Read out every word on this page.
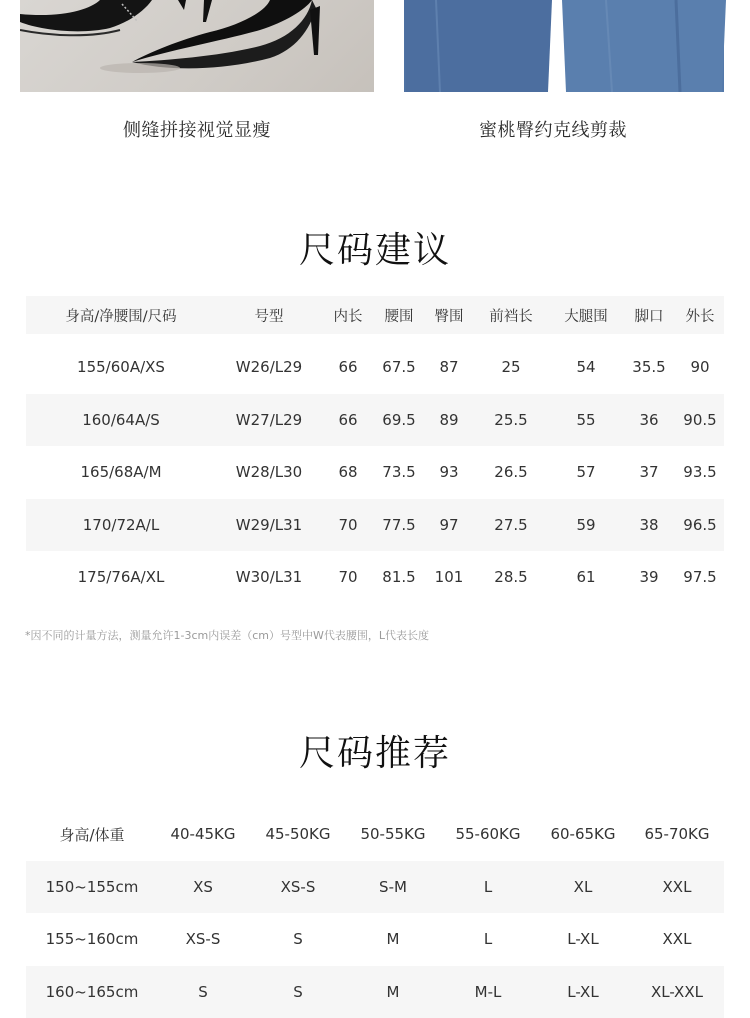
侧缝拼接视觉显瘦	蜜桃臀约克线剪裁
尺码建议
身高/净腰围/尺码	号型	内长	腰围	臀围	前裆长	大腿围	脚口	外长
155/60A/XS	W26/L29	66	67.5	87	25	54	35.5	90
160/64A/S	W27/L29	66	69.5	89	25.5	55	36	90.5
165/68A/M	W28/L30	68	73.5	93	26.5	57	37	93.5
170/72A/L	W29/L31	70	77.5	97	27.5	59	38	96.5
175/76A/XL	W30/L31	70	81.5	101	28.5	61	39	97.5
*因不同的计量方法，测量允许1-3cm内误差（cm）号型中W代表腰围，L代表长度
尺码推荐
身高/体重	40-45KG	45-50KG	50-55KG	55-60KG	60-65KG	65-70KG
150~155cm	XS	XS-S	S-M	L	XL	XXL
155~160cm	XS-S	S	M	L	L-XL	XXL
160~165cm	S	S	M	M-L	L-XL	XL-XXL
